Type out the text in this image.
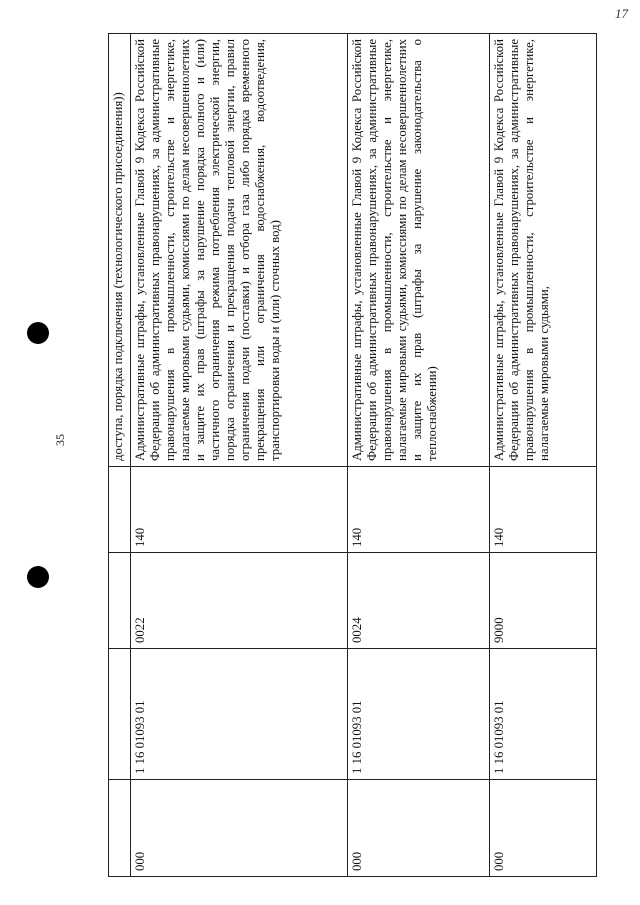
17
35
					доступа, порядка подключения (технологического присоединения))
000	1 16 01093 01	0022	140	Административные штрафы, установленные Главой 9 Кодекса Российской Федерации об административных правонарушениях, за административные правонарушения в промышленности, строительстве и энергетике, налагаемые мировыми судьями, комиссиями по делам несовершеннолетних и защите их прав (штрафы за нарушение порядка полного и (или) частичного ограничения режима потребления электрической энергии, порядка ограничения и прекращения подачи тепловой энергии, правил ограничения подачи (поставки) и отбора газа либо порядка временного прекращения или ограничения водоснабжения, водоотведения, транспортировки воды и (или) сточных вод)
000	1 16 01093 01	0024	140	Административные штрафы, установленные Главой 9 Кодекса Российской Федерации об административных правонарушениях, за административные правонарушения в промышленности, строительстве и энергетике, налагаемые мировыми судьями, комиссиями по делам несовершеннолетних и защите их прав (штрафы за нарушение законодательства о теплоснабжении)
000	1 16 01093 01	9000	140	Административные штрафы, установленные Главой 9 Кодекса Российской Федерации об административных правонарушениях, за административные правонарушения в промышленности, строительстве и энергетике, налагаемые мировыми судьями,
